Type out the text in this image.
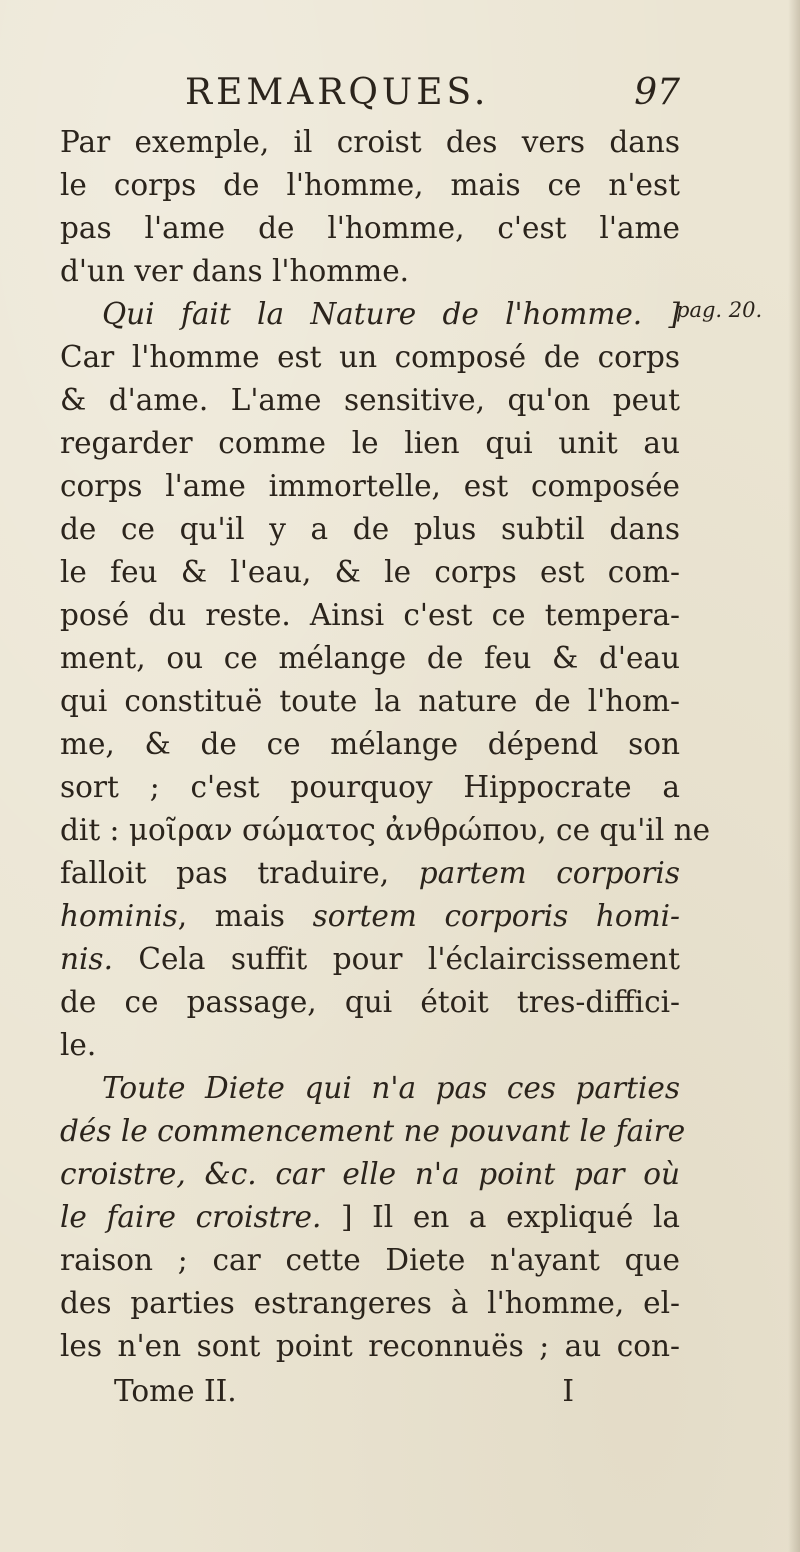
REMARQUES.	97
pag. 20.
Par exemple, il croist des vers dans
le corps de l'homme, mais ce n'est
pas l'ame de l'homme, c'est l'ame
d'un ver dans l'homme.
Qui fait la Nature de l'homme. ]
Car l'homme est un composé de corps
& d'ame. L'ame sensitive, qu'on peut
regarder comme le lien qui unit au
corps l'ame immortelle, est composée
de ce qu'il y a de plus subtil dans
le feu & l'eau, & le corps est com-
posé du reste. Ainsi c'est ce tempera-
ment, ou ce mélange de feu & d'eau
qui constituë toute la nature de l'hom-
me, & de ce mélange dépend son
sort ; c'est pourquoy Hippocrate a
dit : μοῖραν σώματος ἀνθρώπου, ce qu'il ne
falloit pas traduire, partem corporis
hominis, mais sortem corporis homi-
nis. Cela suffit pour l'éclaircissement
de ce passage, qui étoit tres-diffici-
le.
Toute Diete qui n'a pas ces parties
dés le commencement ne pouvant le faire
croistre, &c. car elle n'a point par où
le faire croistre. ] Il en a expliqué la
raison ; car cette Diete n'ayant que
des parties estrangeres à l'homme, el-
les n'en sont point reconnuës ; au con-
Tome II.	I
